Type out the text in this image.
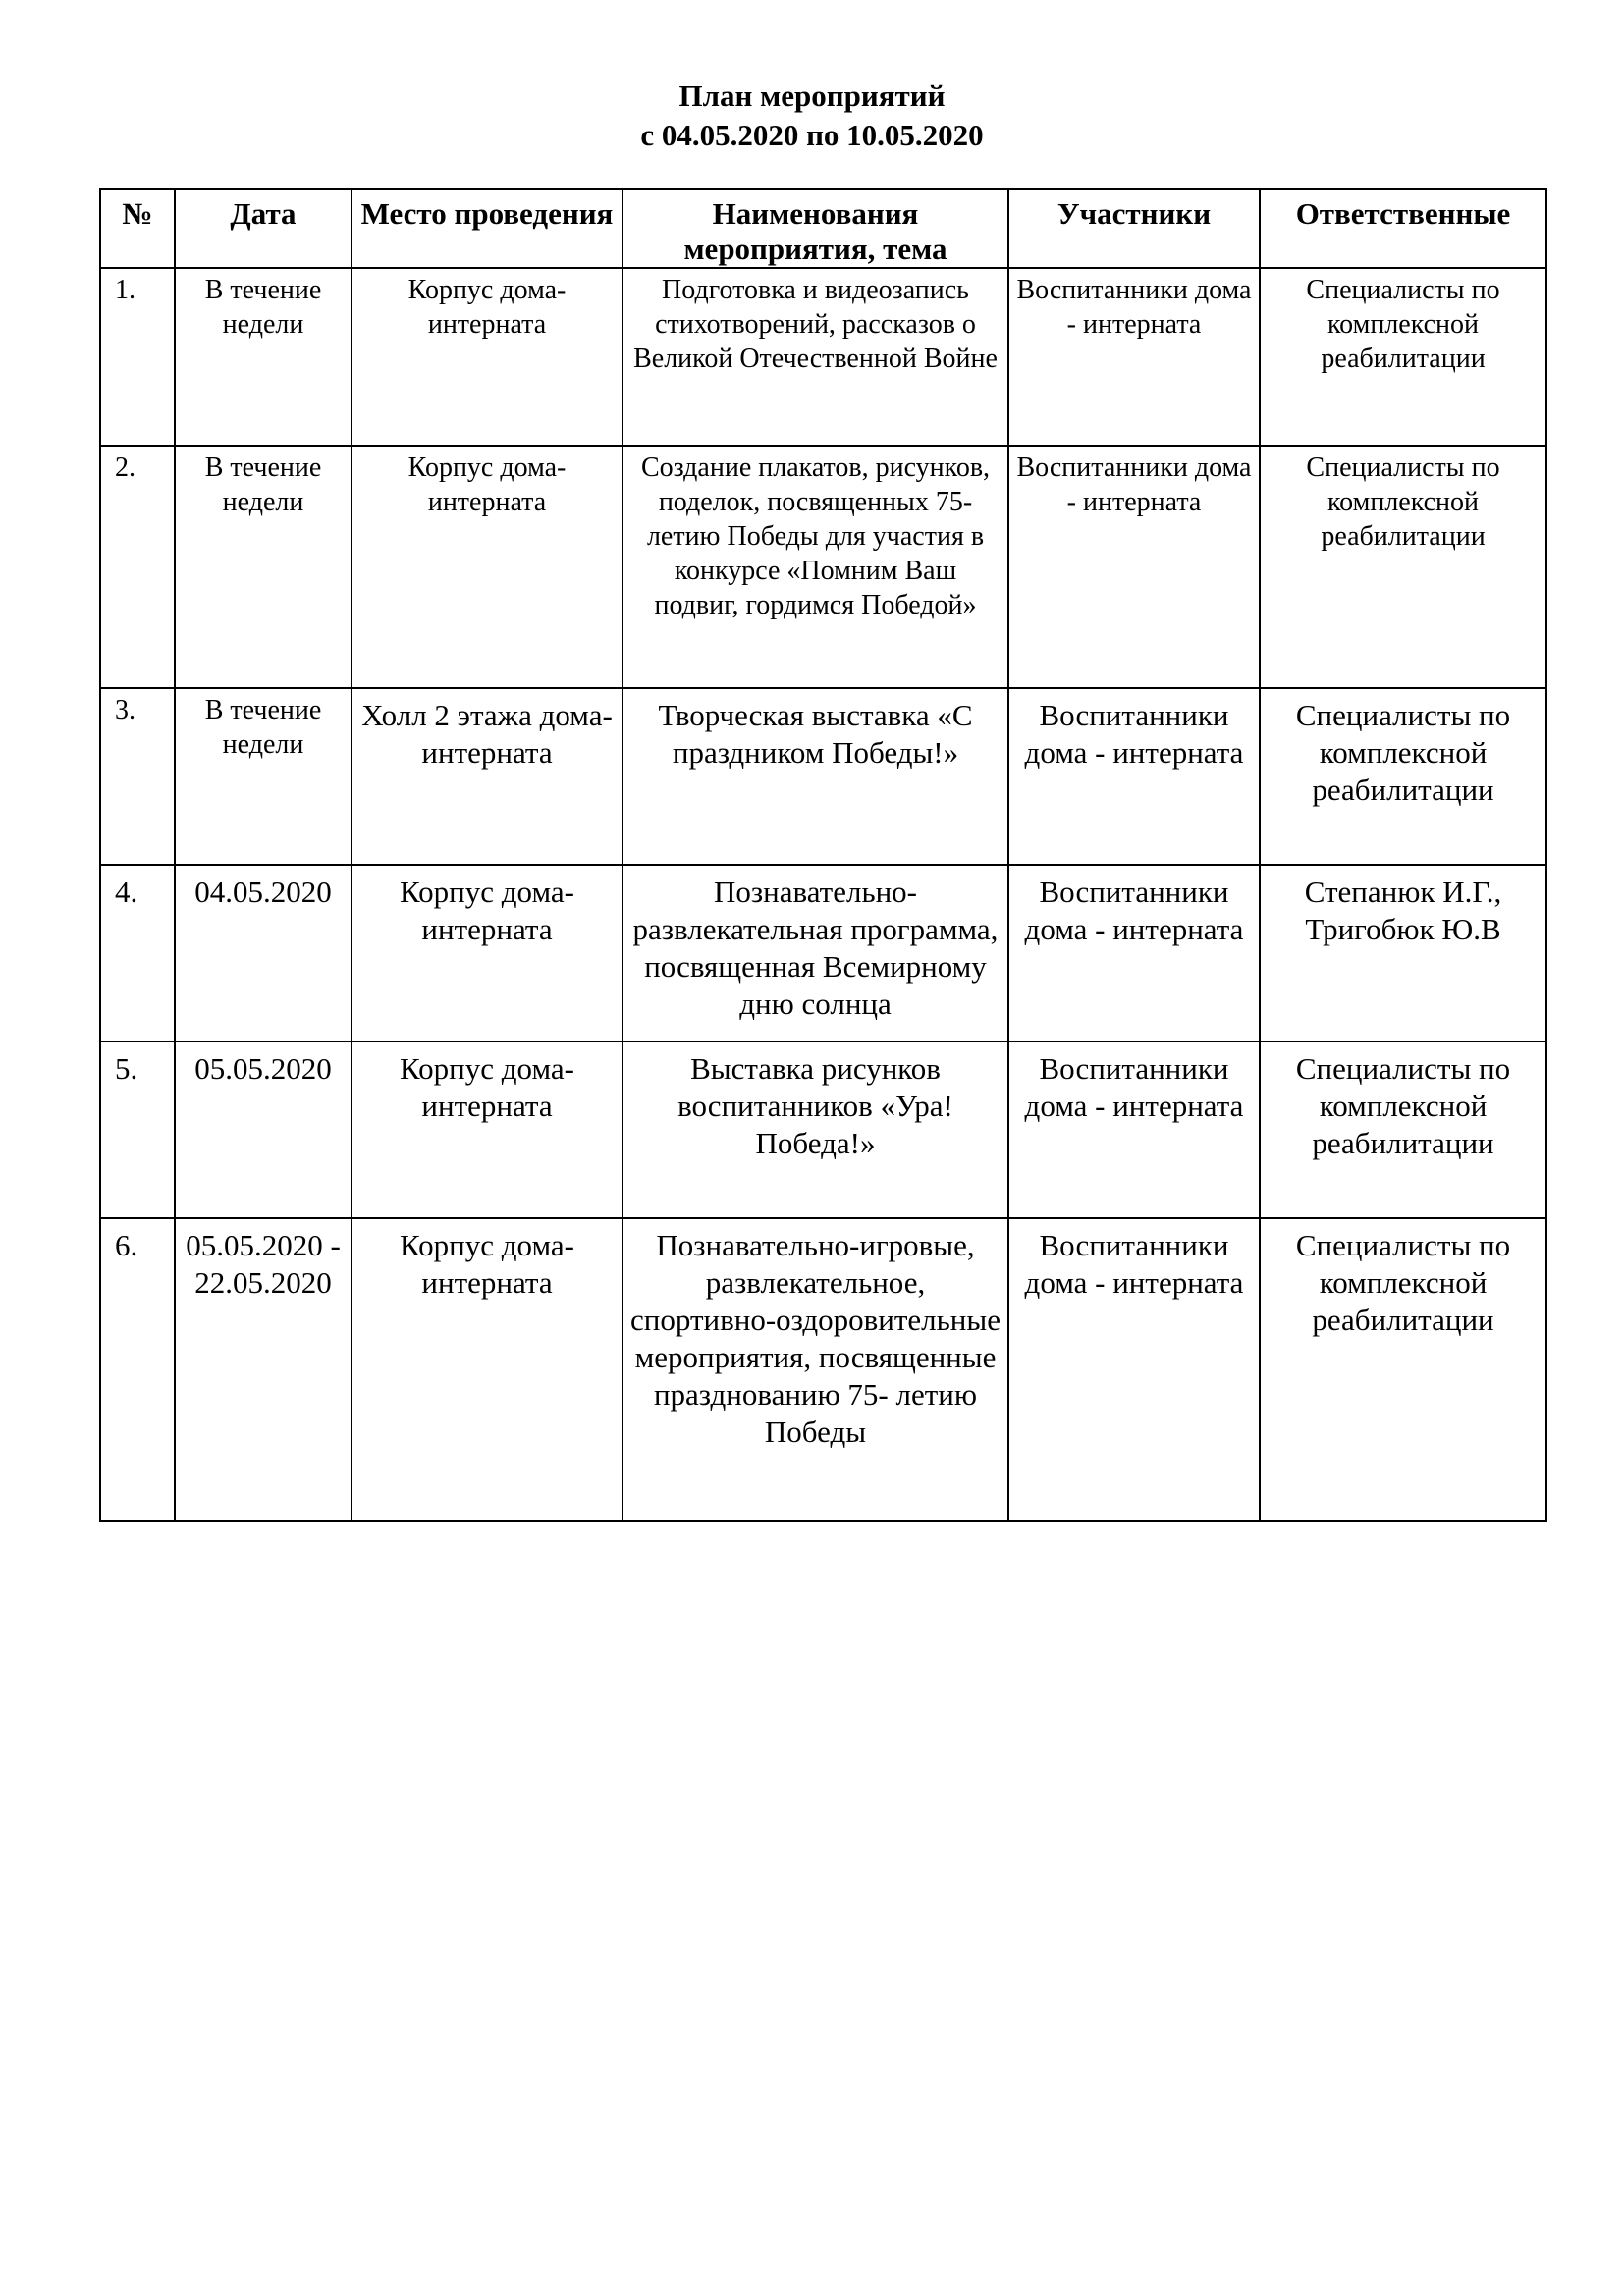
План мероприятий
с 04.05.2020 по 10.05.2020
№	Дата	Место проведения	Наименования мероприятия, тема	Участники	Ответственные
1.	В течение недели	Корпус дома-интерната	Подготовка и видеозапись стихотворений, рассказов о Великой Отечественной Войне	Воспитанники дома - интерната	Специалисты по комплексной реабилитации
2.	В течение недели	Корпус дома-интерната	Создание плакатов, рисунков, поделок, посвященных 75-летию Победы для участия в конкурсе «Помним Ваш подвиг, гордимся Победой»	Воспитанники дома - интерната	Специалисты по комплексной реабилитации
3.	В течение недели	Холл 2 этажа дома-интерната	Творческая выставка «С праздником Победы!»	Воспитанники дома - интерната	Специалисты по комплексной реабилитации
4.	04.05.2020	Корпус дома-интерната	Познавательно-развлекательная программа, посвященная Всемирному дню солнца	Воспитанники дома - интерната	Степанюк И.Г., Тригобюк Ю.В
5.	05.05.2020	Корпус дома-интерната	Выставка рисунков воспитанников «Ура! Победа!»	Воспитанники дома - интерната	Специалисты по комплексной реабилитации
6.	05.05.2020 - 22.05.2020	Корпус дома-интерната	Познавательно-игровые, развлекательное, спортивно-оздоровительные мероприятия, посвященные празднованию 75- летию Победы	Воспитанники дома - интерната	Специалисты по комплексной реабилитации
